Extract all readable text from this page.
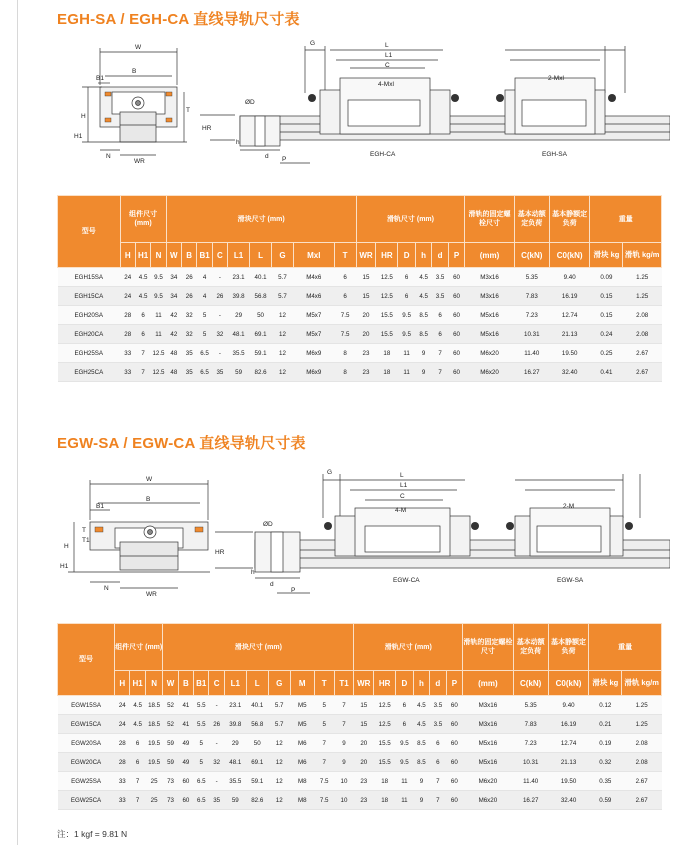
EGH-SA / EGH-CA 直线导轨尺寸表
W
B
B1
H
H1
T
N
WR
G	L
L1
C
4-Mxl
2-Mxl
ØD
h
d
HR
P
EGH-CA	EGH-SA
型号	组件尺寸 (mm)			滑块尺寸 (mm)									滑轨尺寸 (mm)						滑轨的固定螺栓尺寸	基本动额定负荷	基本静额定负荷	重量	
	H	H1	N	W	B	B1	C	L1	L	G	Mxl	T	WR	HR	D	h	d	P	(mm)	C(kN)	C0(kN)	滑块 kg	滑轨 kg/m
EGH15SA	24	4.5	9.5	34	26	4	-	23.1	40.1	5.7	M4x6	6	15	12.5	6	4.5	3.5	60	M3x16	5.35	9.40	0.09	1.25
EGH15CA	24	4.5	9.5	34	26	4	26	39.8	56.8	5.7	M4x6	6	15	12.5	6	4.5	3.5	60	M3x16	7.83	16.19	0.15	1.25
EGH20SA	28	6	11	42	32	5	-	29	50	12	M5x7	7.5	20	15.5	9.5	8.5	6	60	M5x16	7.23	12.74	0.15	2.08
EGH20CA	28	6	11	42	32	5	32	48.1	69.1	12	M5x7	7.5	20	15.5	9.5	8.5	6	60	M5x16	10.31	21.13	0.24	2.08
EGH25SA	33	7	12.5	48	35	6.5	-	35.5	59.1	12	M6x9	8	23	18	11	9	7	60	M6x20	11.40	19.50	0.25	2.67
EGH25CA	33	7	12.5	48	35	6.5	35	59	82.6	12	M6x9	8	23	18	11	9	7	60	M6x20	16.27	32.40	0.41	2.67
EGW-SA / EGW-CA 直线导轨尺寸表
W
B
B1
H
H1
T
T1
N
WR
G	L
L1
C
4-M
2-M
ØD
h
d
HR
P
EGW-CA	EGW-SA
型号	组件尺寸 (mm)			滑块尺寸 (mm)										滑轨尺寸 (mm)						滑轨的固定螺栓尺寸	基本动额定负荷	基本静额定负荷	重量	
	H	H1	N	W	B	B1	C	L1	L	G	M	T	T1	WR	HR	D	h	d	P	(mm)	C(kN)	C0(kN)	滑块 kg	滑轨 kg/m
EGW15SA	24	4.5	18.5	52	41	5.5	-	23.1	40.1	5.7	M5	5	7	15	12.5	6	4.5	3.5	60	M3x16	5.35	9.40	0.12	1.25
EGW15CA	24	4.5	18.5	52	41	5.5	26	39.8	56.8	5.7	M5	5	7	15	12.5	6	4.5	3.5	60	M3x16	7.83	16.19	0.21	1.25
EGW20SA	28	6	19.5	59	49	5	-	29	50	12	M6	7	9	20	15.5	9.5	8.5	6	60	M5x16	7.23	12.74	0.19	2.08
EGW20CA	28	6	19.5	59	49	5	32	48.1	69.1	12	M6	7	9	20	15.5	9.5	8.5	6	60	M5x16	10.31	21.13	0.32	2.08
EGW25SA	33	7	25	73	60	6.5	-	35.5	59.1	12	M8	7.5	10	23	18	11	9	7	60	M6x20	11.40	19.50	0.35	2.67
EGW25CA	33	7	25	73	60	6.5	35	59	82.6	12	M8	7.5	10	23	18	11	9	7	60	M6x20	16.27	32.40	0.59	2.67
注：1 kgf = 9.81 N
